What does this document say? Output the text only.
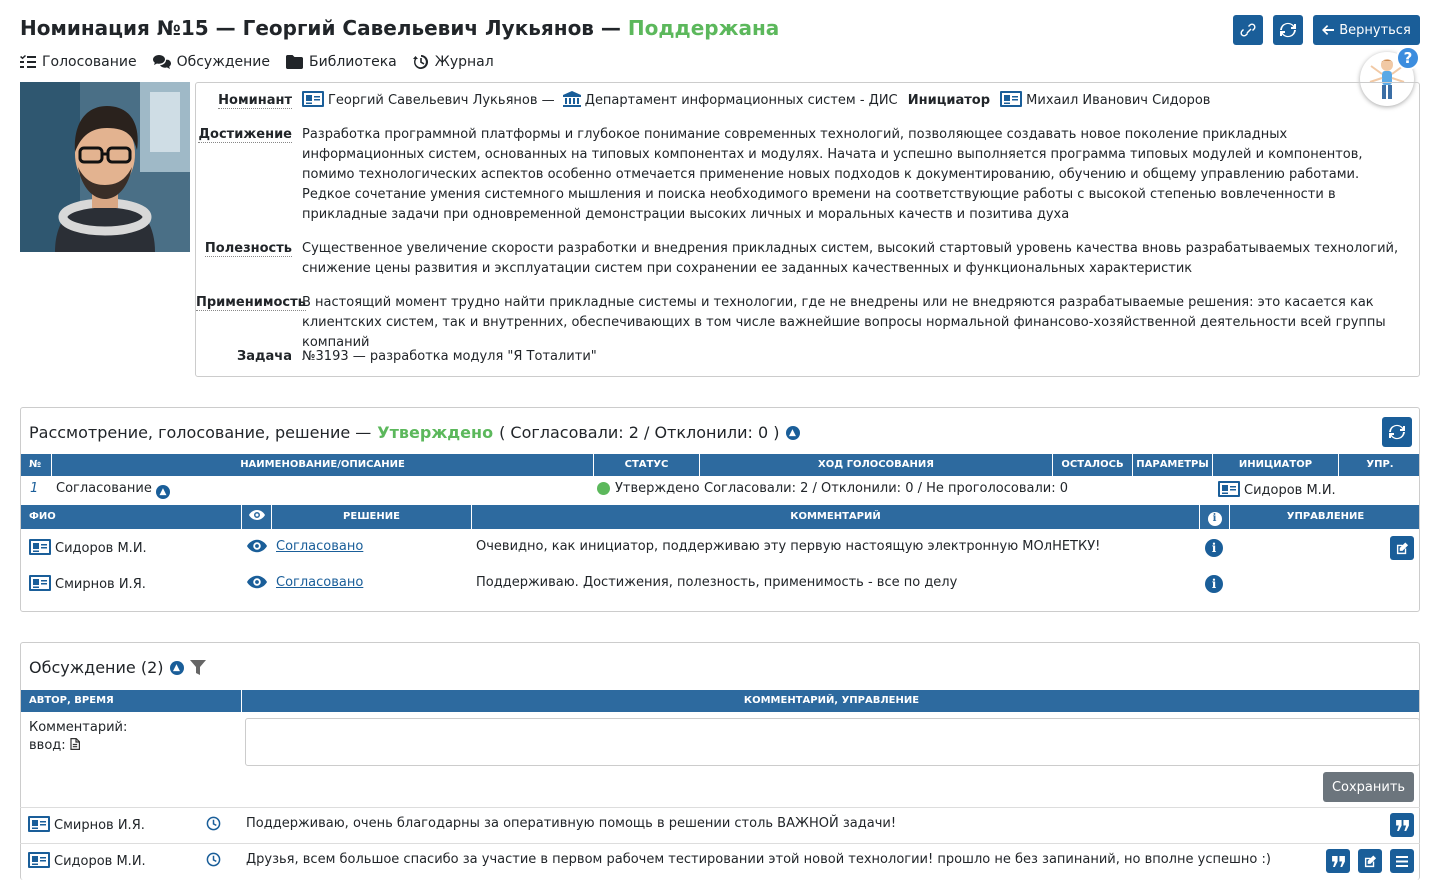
Номинация №15 — Георгий Савельевич Лукьянов — Поддержана	Вернуться
Голосование	Обсуждение	Библиотека	Журнал	?
Номинант	Георгий Савельевич Лукьянов — Департамент информационных систем - ДИС Инициатор	Михаил Иванович Сидоров
Достижение Разработка программной платформы и глубокое понимание современных технологий, позволяющее создавать новое поколение прикладных информационных систем, основанных на типовых компонентах и модулях. Начата и успешно выполняется программа типовых модулей и компонентов, помимо технологических аспектов особенно отмечается применение новых подходов к документированию, обучению и общему управлению работами. Редкое сочетание умения системного мышления и поиска необходимого времени на соответствующие работы с высокой степенью вовлеченности в прикладные задачи при одновременной демонстрации высоких личных и моральных качеств и позитива духа
Полезность Существенное увеличение скорости разработки и внедрения прикладных систем, высокий стартовый уровень качества вновь разрабатываемых технологий, снижение цены развития и эксплуатации систем при сохранении ее заданных качественных и функциональных характеристик
Применимость
В настоящий момент трудно найти прикладные системы и технологии, где не внедрены или не внедряются разрабатываемые решения: это касается как клиентских систем, так и внутренних, обеспечивающих в том числе важнейшие вопросы нормальной финансово-хозяйственной деятельности всей группы компаний
Задача №3193 — разработка модуля "Я Тоталити"
Рассмотрение, голосование, решение — Утверждено ( Согласовали: 2 / Отклонили: 0 )	▲
№	НАИМЕНОВАНИЕ/ОПИСАНИЕ	СТАТУС	ХОД ГОЛОСОВАНИЯ	ОСТАЛОСЬ	ПАРАМЕТРЫ	ИНИЦИАТОР	УПР.
1 Согласование ▲	Утверждено Согласовали: 2 / Отклонили: 0 / Не проголосовали: 0	Сидоров М.И.
ФИО	РЕШЕНИЕ	КОММЕНТАРИЙ	i	УПРАВЛЕНИЕ
Сидоров М.И.	Согласовано	Очевидно, как инициатор, поддерживаю эту первую настоящую электронную МОлНЕТКУ!	i
Смирнов И.Я.	Согласовано	Поддерживаю. Достижения, полезность, применимость - все по делу	i
Обсуждение (2)	▲
АВТОР, ВРЕМЯ	КОММЕНТАРИЙ, УПРАВЛЕНИЕ
Комментарий:
ввод:
Сохранить
Смирнов И.Я.	Поддерживаю, очень благодарны за оперативную помощь в решении столь ВАЖНОЙ задачи!
Сидоров М.И.	Друзья, всем большое спасибо за участие в первом рабочем тестировании этой новой технологии! прошло не без запинаний, но вполне успешно :)
